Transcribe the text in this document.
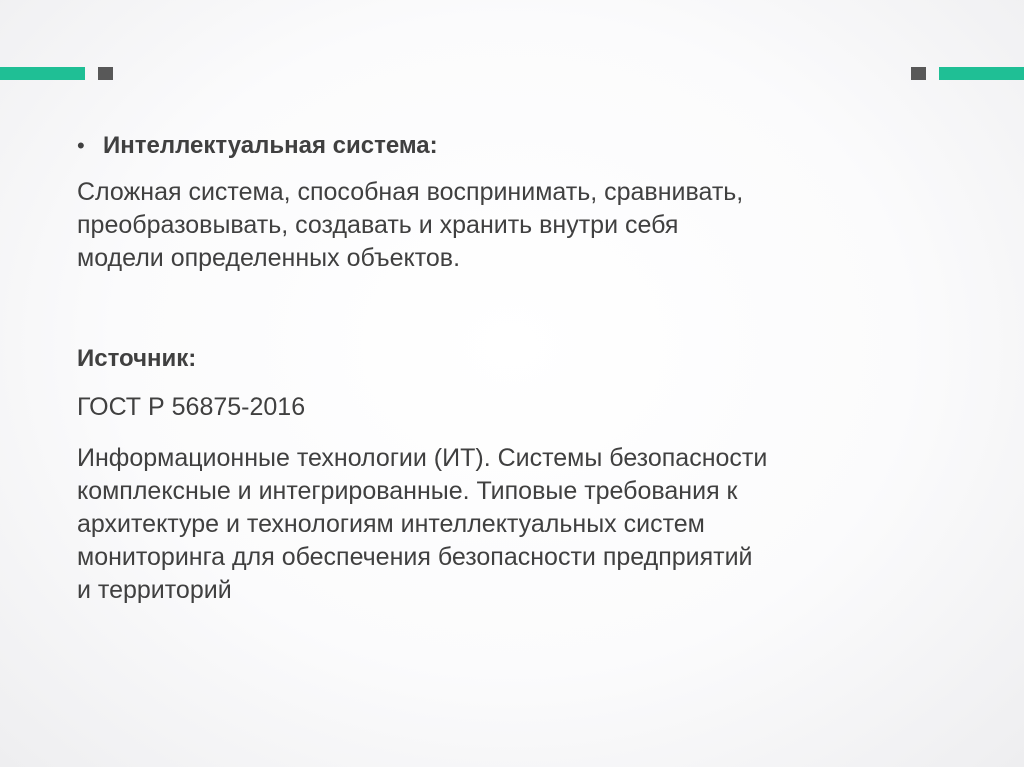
• Интеллектуальная система:

Сложная система, способная воспринимать, сравнивать,
преобразовывать, создавать и хранить внутри себя
модели определенных объектов.

Источник:
ГОСТ Р 56875-2016

Информационные технологии (ИТ). Системы безопасности
комплексные и интегрированные. Типовые требования к
архитектуре и технологиям интеллектуальных систем
мониторинга для обеспечения безопасности предприятий
и территорий
